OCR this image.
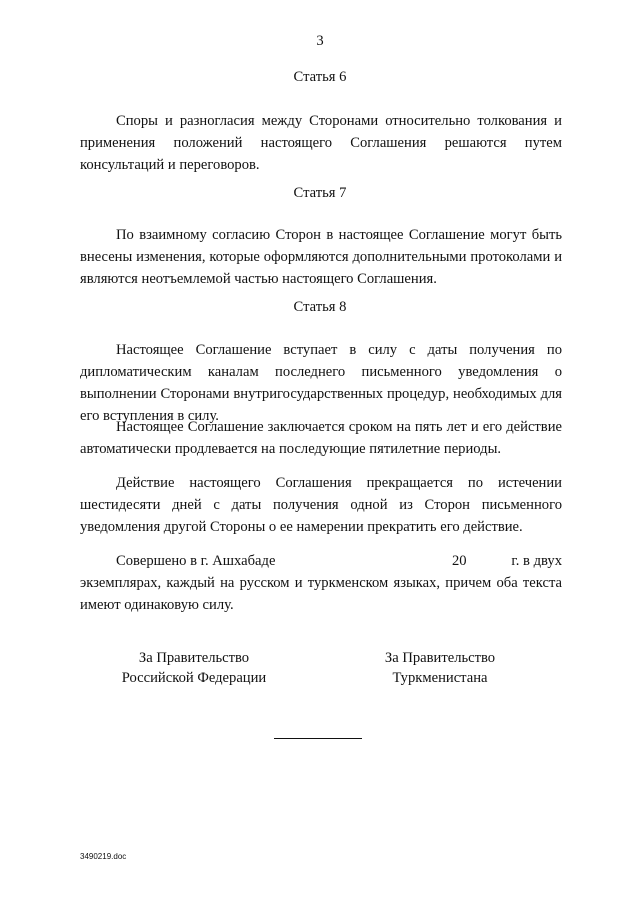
3
Статья 6
Споры и разногласия между Сторонами относительно толкования и применения положений настоящего Соглашения решаются путем консультаций и переговоров.
Статья 7
По взаимному согласию Сторон в настоящее Соглашение могут быть внесены изменения, которые оформляются дополнительными протоколами и являются неотъемлемой частью настоящего Соглашения.
Статья 8
Настоящее Соглашение вступает в силу с даты получения по дипломатическим каналам последнего письменного уведомления о выполнении Сторонами внутригосударственных процедур, необходимых для его вступления в силу.
Настоящее Соглашение заключается сроком на пять лет и его действие автоматически продлевается на последующие пятилетние периоды.
Действие настоящего Соглашения прекращается по истечении шестидесяти дней с даты получения одной из Сторон письменного уведомления другой Стороны о ее намерении прекратить его действие.
Совершено в г. Ашхабаде	20	г. в двух
экземплярах, каждый на русском и туркменском языках, причем оба текста имеют одинаковую силу.
За Правительство
Российской Федерации
За Правительство
Туркменистана
3490219.doc
